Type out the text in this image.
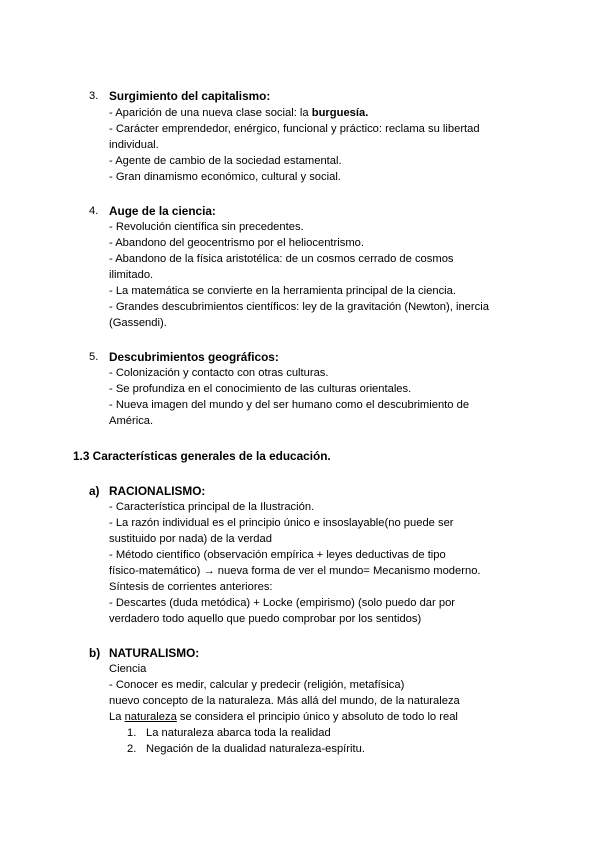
3. Surgimiento del capitalismo:
- Aparición de una nueva clase social: la burguesía.
- Carácter emprendedor, enérgico, funcional y práctico: reclama su libertad
individual.
- Agente de cambio de la sociedad estamental.
- Gran dinamismo económico, cultural y social.
4. Auge de la ciencia:
- Revolución científica sin precedentes.
- Abandono del geocentrismo por el heliocentrismo.
- Abandono de la física aristotélica: de un cosmos cerrado de cosmos
ilimitado.
- La matemática se convierte en la herramienta principal de la ciencia.
- Grandes descubrimientos científicos: ley de la gravitación (Newton), inercia
(Gassendi).
5. Descubrimientos geográficos:
- Colonización y contacto con otras culturas.
- Se profundiza en el conocimiento de las culturas orientales.
- Nueva imagen del mundo y del ser humano como el descubrimiento de
América.
1.3 Características generales de la educación.
a) RACIONALISMO:
- Característica principal de la Ilustración.
- La razón individual es el principio único e insoslayable(no puede ser
sustituido por nada) de la verdad
- Método científico (observación empírica + leyes deductivas de tipo
físico-matemático) → nueva forma de ver el mundo= Mecanismo moderno.
Síntesis de corrientes anteriores:
- Descartes (duda metódica) + Locke (empirismo) (solo puedo dar por
verdadero todo aquello que puedo comprobar por los sentidos)
b) NATURALISMO:
Ciencia
- Conocer es medir, calcular y predecir (religión, metafísica)
nuevo concepto de la naturaleza. Más allá del mundo, de la naturaleza
La naturaleza se considera el principio único y absoluto de todo lo real
1. La naturaleza abarca toda la realidad
2. Negación de la dualidad naturaleza-espíritu.
